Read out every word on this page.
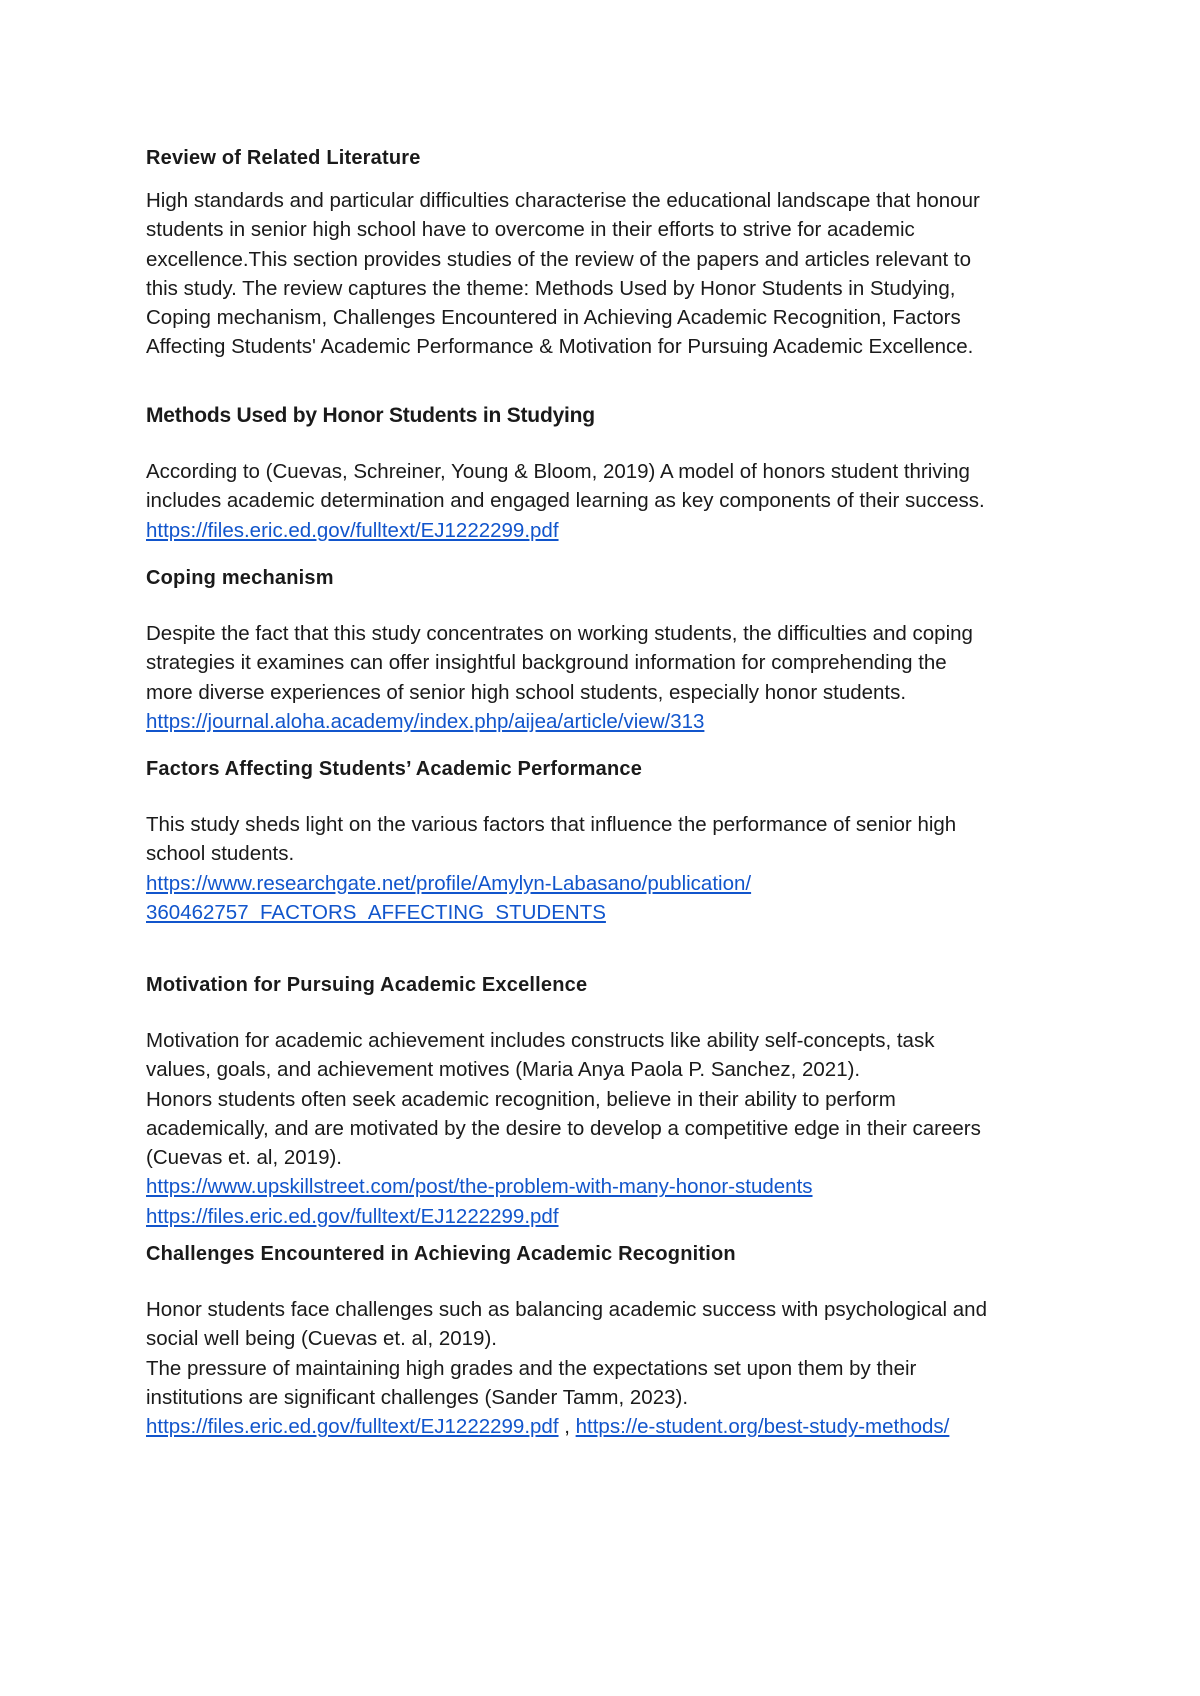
Review of Related Literature

High standards and particular difficulties characterise the educational landscape that honour
students in senior high school have to overcome in their efforts to strive for academic
excellence.This section provides studies of the review of the papers and articles relevant to
this study. The review captures the theme: Methods Used by Honor Students in Studying,
Coping mechanism, Challenges Encountered in Achieving Academic Recognition, Factors
Affecting Students' Academic Performance & Motivation for Pursuing Academic Excellence.

Methods Used by Honor Students in Studying

According to (Cuevas, Schreiner, Young & Bloom, 2019) A model of honors student thriving
includes academic determination and engaged learning as key components of their success.
https://files.eric.ed.gov/fulltext/EJ1222299.pdf

Coping mechanism

Despite the fact that this study concentrates on working students, the difficulties and coping
strategies it examines can offer insightful background information for comprehending the
more diverse experiences of senior high school students, especially honor students.
https://journal.aloha.academy/index.php/aijea/article/view/313

Factors Affecting Students’ Academic Performance

This study sheds light on the various factors that influence the performance of senior high
school students.
https://www.researchgate.net/profile/Amylyn-Labasano/publication/
360462757_FACTORS_AFFECTING_STUDENTS

Motivation for Pursuing Academic Excellence

Motivation for academic achievement includes constructs like ability self-concepts, task
values, goals, and achievement motives (Maria Anya Paola P. Sanchez, 2021).
Honors students often seek academic recognition, believe in their ability to perform
academically, and are motivated by the desire to develop a competitive edge in their careers
(Cuevas et. al, 2019).
https://www.upskillstreet.com/post/the-problem-with-many-honor-students
https://files.eric.ed.gov/fulltext/EJ1222299.pdf

Challenges Encountered in Achieving Academic Recognition

Honor students face challenges such as balancing academic success with psychological and
social well being (Cuevas et. al, 2019).
The pressure of maintaining high grades and the expectations set upon them by their
institutions are significant challenges (Sander Tamm, 2023).
https://files.eric.ed.gov/fulltext/EJ1222299.pdf , https://e-student.org/best-study-methods/
